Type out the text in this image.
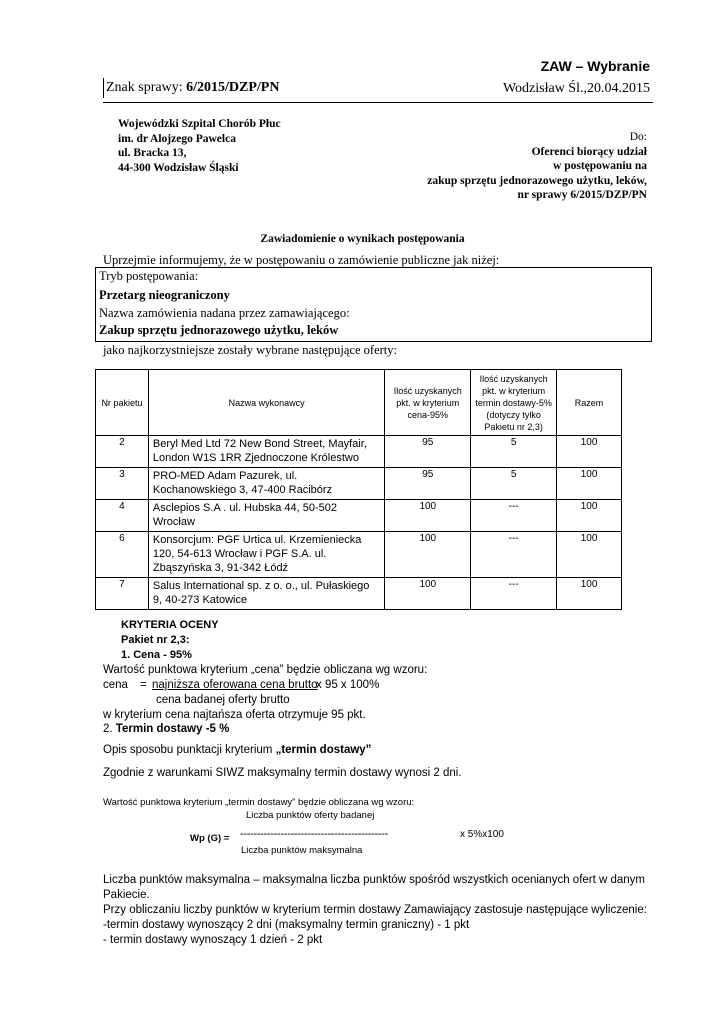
ZAW – Wybranie
Znak sprawy: 6/2015/DZP/PN	Wodzisław Śl.,20.04.2015
Wojewódzki Szpital Chorób Płuc
im. dr Alojzego Pawelca
ul. Bracka 13,
44-300 Wodzisław Śląski
Do:
Oferenci biorący udział
w postępowaniu na
zakup sprzętu jednorazowego użytku, leków,
nr sprawy 6/2015/DZP/PN
Zawiadomienie o wynikach postępowania
Uprzejmie informujemy, że w postępowaniu o zamówienie publiczne jak niżej:
Tryb postępowania:
Przetarg nieograniczony
Nazwa zamówienia nadana przez zamawiającego:
Zakup sprzętu jednorazowego użytku, leków
jako najkorzystniejsze zostały wybrane następujące oferty:
Nr pakietu	Nazwa wykonawcy	Ilość uzyskanych pkt. w kryterium cena-95%	Ilość uzyskanych pkt. w kryterium termin dostawy-5% (dotyczy tylko Pakietu nr 2,3)	Razem
2	Beryl Med Ltd 72 New Bond Street, Mayfair, London W1S 1RR Zjednoczone Królestwo	95	5	100
3	PRO-MED Adam Pazurek, ul. Kochanowskiego 3, 47-400 Racibórz	95	5	100
4	Asclepios S.A . ul. Hubska 44, 50-502 Wrocław	100	---	100
6	Konsorcjum: PGF Urtica ul. Krzemieniecka 120, 54-613 Wrocław i PGF S.A. ul. Zbąszyńska 3, 91-342 Łódź	100	---	100
7	Salus International sp. z o. o., ul. Pułaskiego 9, 40-273 Katowice	100	---	100
KRYTERIA OCENY
Pakiet nr 2,3:
1. Cena - 95%
Wartość punktowa kryterium „cena” będzie obliczana wg wzoru:
cena = najniższa oferowana cena brutto
x 95 x 100%
cena badanej oferty brutto
w kryterium cena najtańsza oferta otrzymuje 95 pkt.
2. Termin dostawy -5 %
Opis sposobu punktacji kryterium „termin dostawy”
Zgodnie z warunkami SIWZ maksymalny termin dostawy wynosi 2 dni.
Wartość punktowa kryterium „termin dostawy” będzie obliczana wg wzoru:
Liczba punktów oferty badanej
Wp (G) = --------------------------------------------	x 5%x100
Liczba punktów maksymalna
Liczba punktów maksymalna – maksymalna liczba punktów spośród wszystkich ocenianych ofert w danym
Pakiecie.
Przy obliczaniu liczby punktów w kryterium termin dostawy Zamawiający zastosuje następujące wyliczenie:
-termin dostawy wynoszący 2 dni (maksymalny termin graniczny) - 1 pkt
- termin dostawy wynoszący 1 dzień - 2 pkt
